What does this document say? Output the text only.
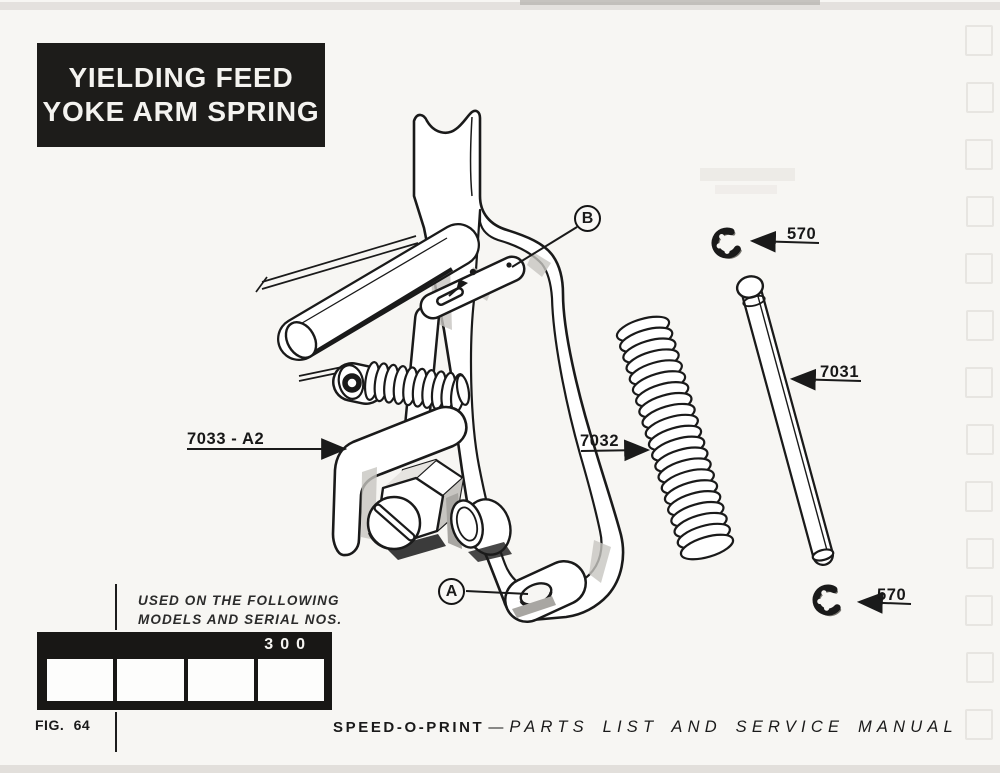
YIELDING FEED
YOKE ARM SPRING
7033 - A2	7032
7031
570
570
B
A
USED ON THE FOLLOWING
MODELS AND SERIAL NOS.
300
FIG. 64	SPEED-O-PRINT — PARTS LIST AND SERVICE MANUAL
